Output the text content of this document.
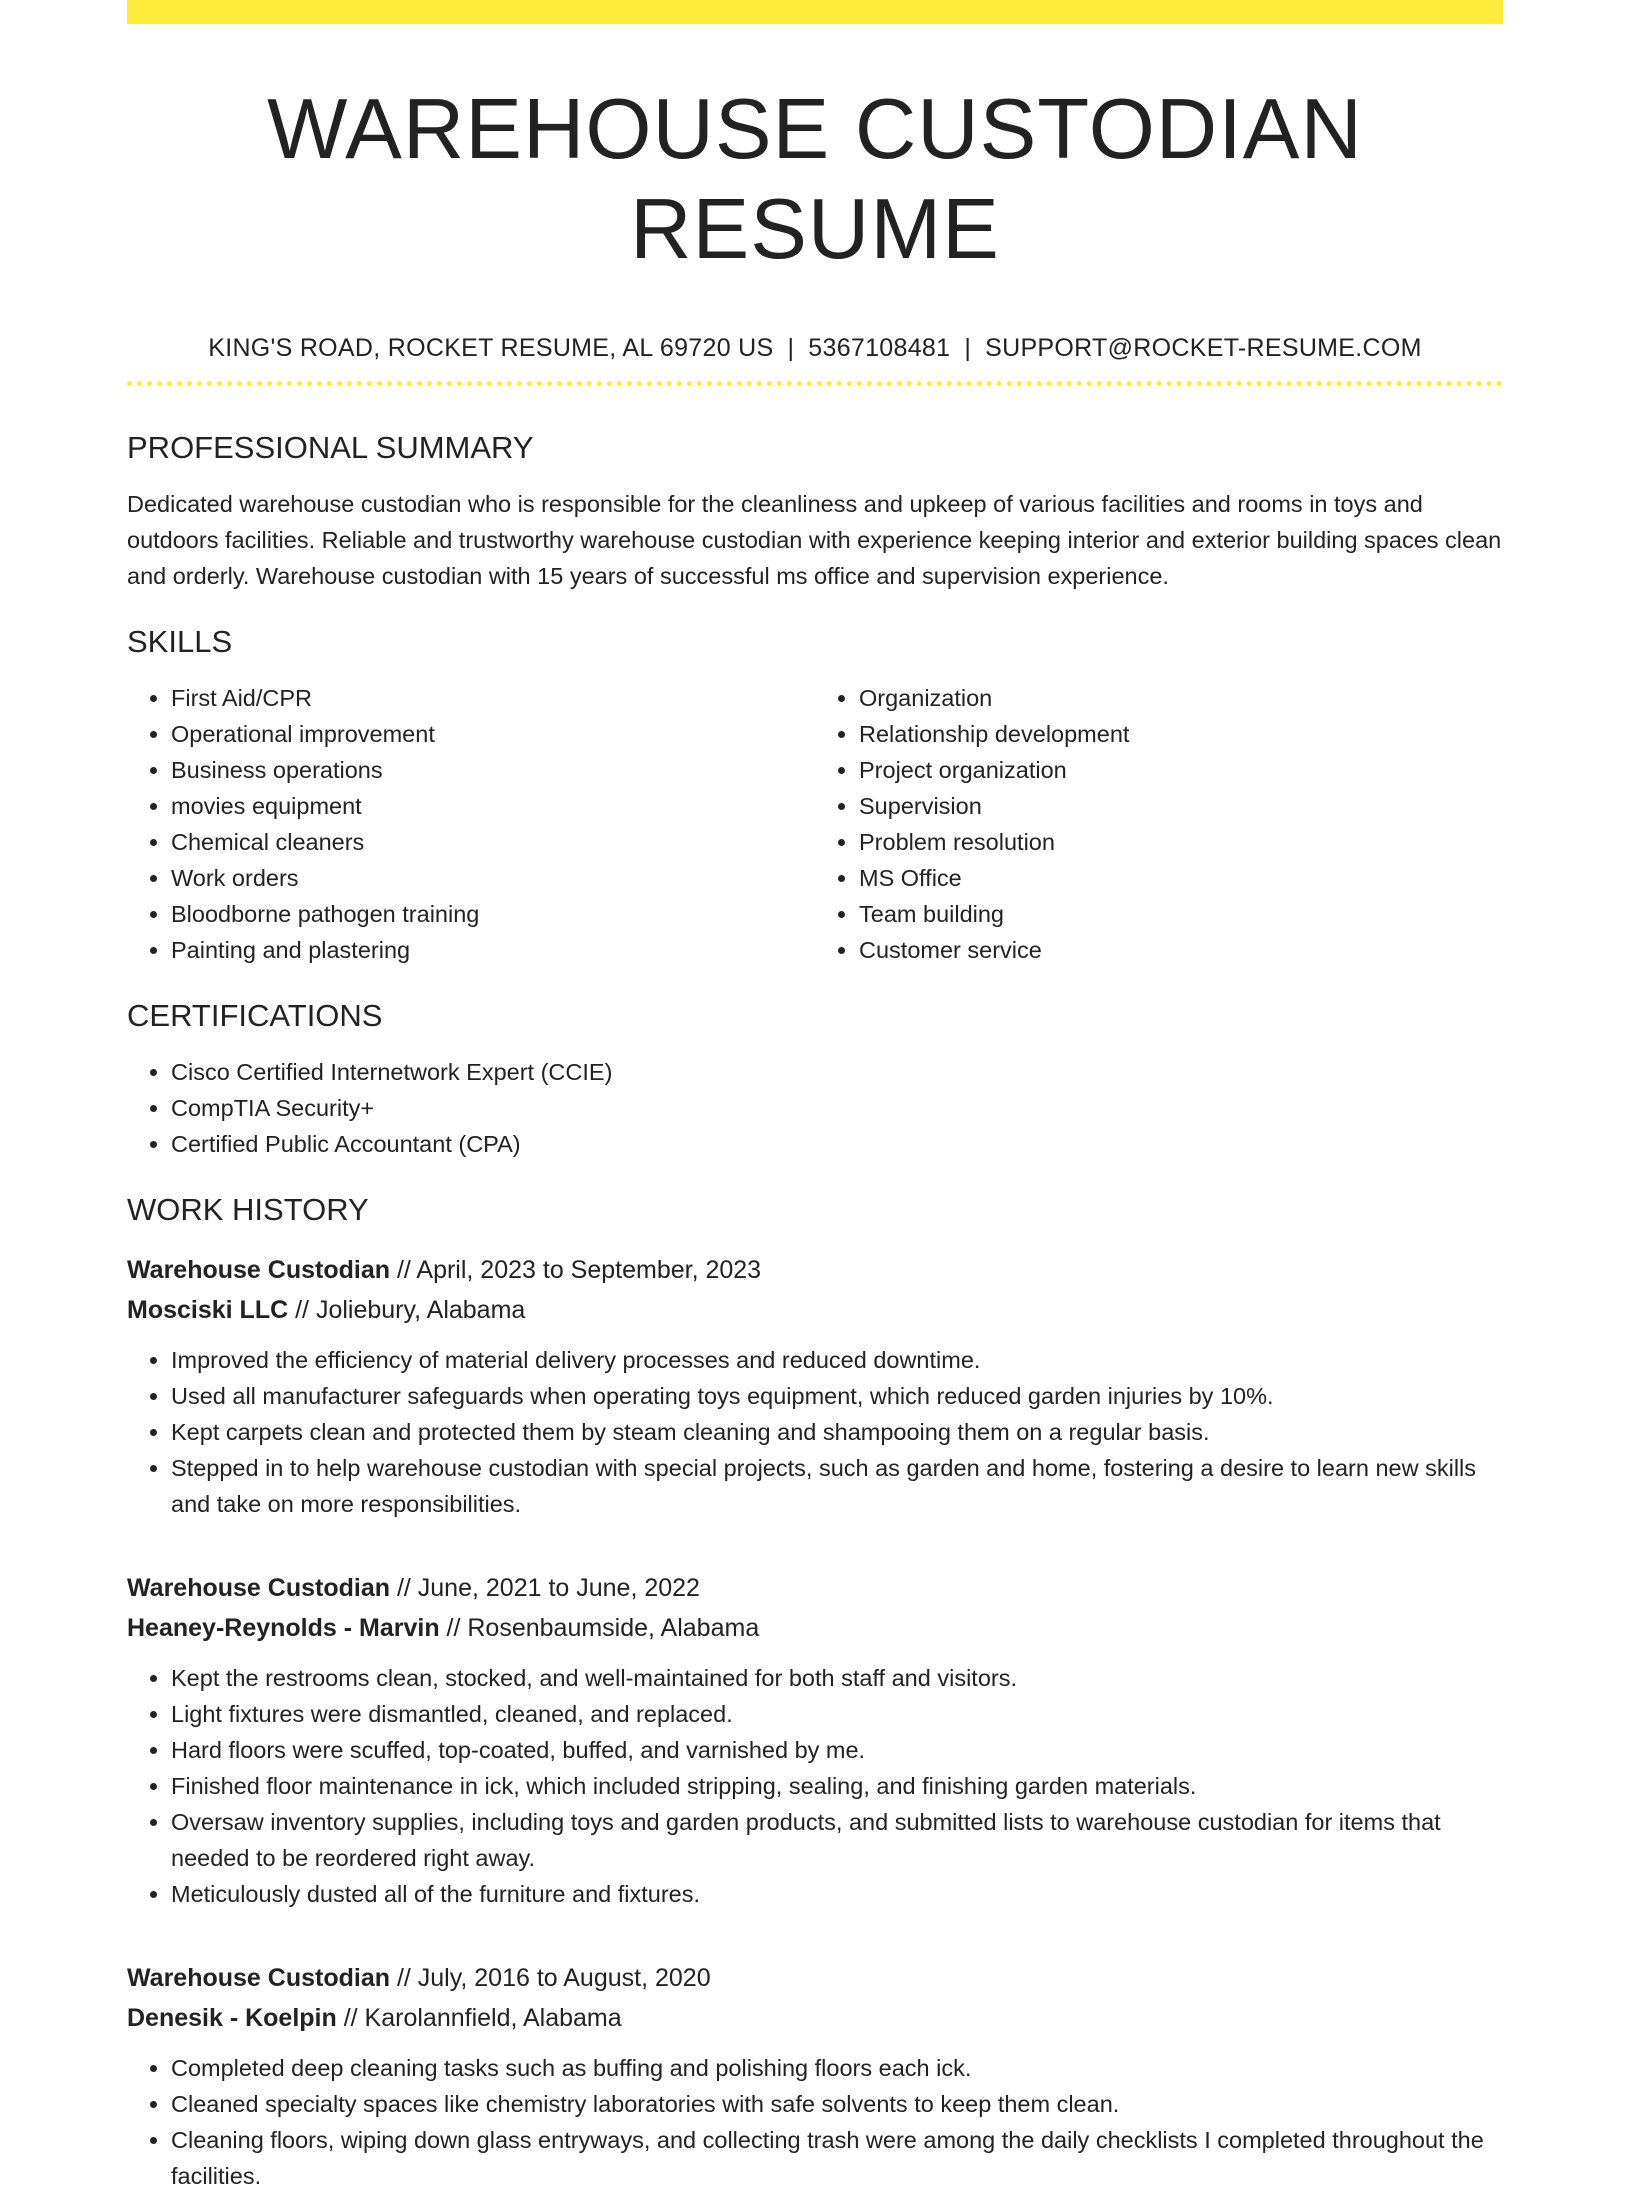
WAREHOUSE CUSTODIAN RESUME
KING'S ROAD, ROCKET RESUME, AL 69720 US | 5367108481 | SUPPORT@ROCKET-RESUME.COM
PROFESSIONAL SUMMARY

Dedicated warehouse custodian who is responsible for the cleanliness and upkeep of various facilities and rooms in toys and outdoors facilities. Reliable and trustworthy warehouse custodian with experience keeping interior and exterior building spaces clean and orderly. Warehouse custodian with 15 years of successful ms office and supervision experience.

SKILLS
• First Aid/CPR
• Operational improvement
• Business operations
• movies equipment
• Chemical cleaners
• Work orders
• Bloodborne pathogen training
• Painting and plastering
• Organization
• Relationship development
• Project organization
• Supervision
• Problem resolution
• MS Office
• Team building
• Customer service
CERTIFICATIONS
• Cisco Certified Internetwork Expert (CCIE)
• CompTIA Security+
• Certified Public Accountant (CPA)
WORK HISTORY
Warehouse Custodian // April, 2023 to September, 2023
Mosciski LLC // Joliebury, Alabama
• Improved the efficiency of material delivery processes and reduced downtime.
• Used all manufacturer safeguards when operating toys equipment, which reduced garden injuries by 10%.
• Kept carpets clean and protected them by steam cleaning and shampooing them on a regular basis.
• Stepped in to help warehouse custodian with special projects, such as garden and home, fostering a desire to learn new skills and take on more responsibilities.
Warehouse Custodian // June, 2021 to June, 2022
Heaney-Reynolds - Marvin // Rosenbaumside, Alabama
• Kept the restrooms clean, stocked, and well-maintained for both staff and visitors.
• Light fixtures were dismantled, cleaned, and replaced.
• Hard floors were scuffed, top-coated, buffed, and varnished by me.
• Finished floor maintenance in ick, which included stripping, sealing, and finishing garden materials.
• Oversaw inventory supplies, including toys and garden products, and submitted lists to warehouse custodian for items that needed to be reordered right away.
• Meticulously dusted all of the furniture and fixtures.
Warehouse Custodian // July, 2016 to August, 2020
Denesik - Koelpin // Karolannfield, Alabama
• Completed deep cleaning tasks such as buffing and polishing floors each ick.
• Cleaned specialty spaces like chemistry laboratories with safe solvents to keep them clean.
• Cleaning floors, wiping down glass entryways, and collecting trash were among the daily checklists I completed throughout the facilities.
